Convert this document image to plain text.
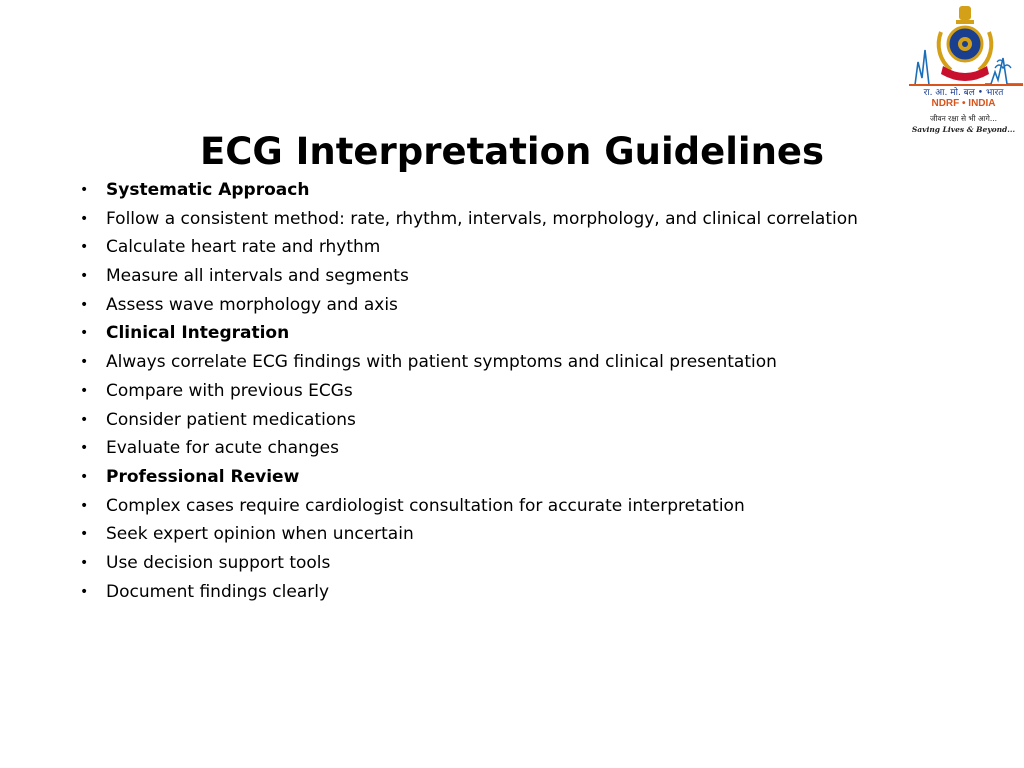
रा. आ. मो. बल • भारत
NDRF • INDIA
जीवन रक्षा से भी आगे...
Saving Lives & Beyond...
ECG Interpretation Guidelines
•	Systematic Approach
•	Follow a consistent method: rate, rhythm, intervals, morphology, and clinical correlation
•	Calculate heart rate and rhythm
•	Measure all intervals and segments
•	Assess wave morphology and axis
•	Clinical Integration
•	Always correlate ECG findings with patient symptoms and clinical presentation
•	Compare with previous ECGs
•	Consider patient medications
•	Evaluate for acute changes
•	Professional Review
•	Complex cases require cardiologist consultation for accurate interpretation
•	Seek expert opinion when uncertain
•	Use decision support tools
•	Document findings clearly
